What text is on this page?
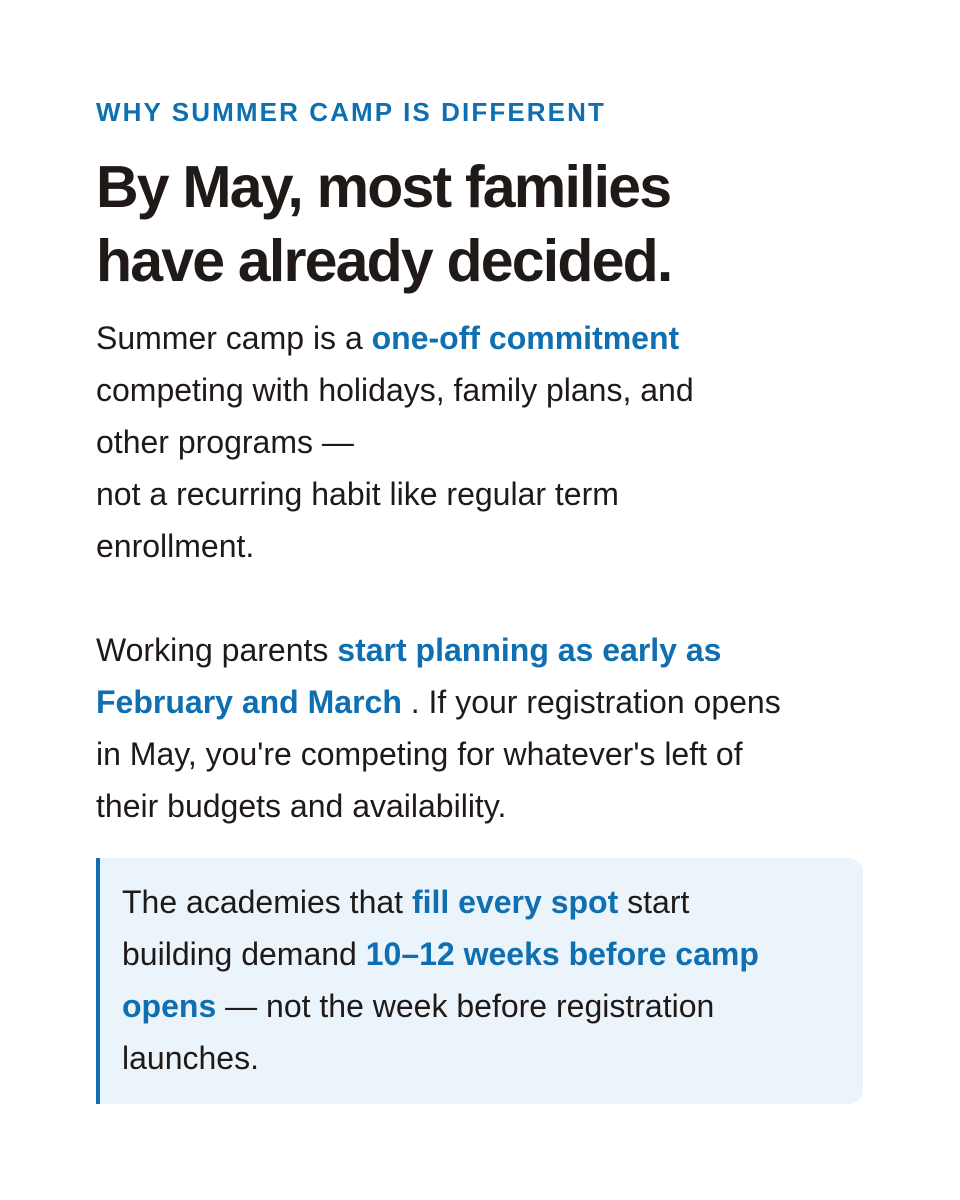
WHY SUMMER CAMP IS DIFFERENT

By May, most families
have already decided.

Summer camp is a one-off commitment
competing with holidays, family plans, and
other programs —
not a recurring habit like regular term
enrollment.

Working parents start planning as early as
February and March . If your registration opens
in May, you're competing for whatever's left of
their budgets and availability.

The academies that fill every spot start
building demand 10–12 weeks before camp
opens — not the week before registration
launches.
